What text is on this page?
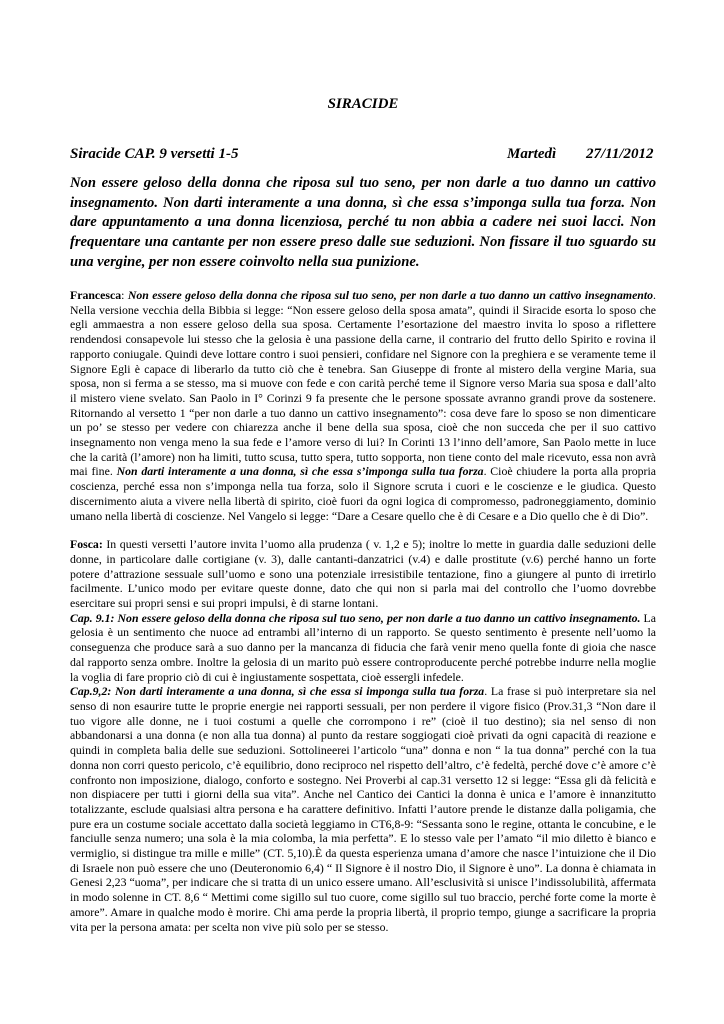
SIRACIDE
Siracide CAP. 9 versetti 1-5	Martedì 27/11/2012

Non essere geloso della donna che riposa sul tuo seno, per non darle a tuo danno un cattivo insegnamento. Non darti interamente a una donna, sì che essa s’imponga sulla tua forza. Non dare appuntamento a una donna licenziosa, perché tu non abbia a cadere nei suoi lacci. Non frequentare una cantante per non essere preso dalle sue seduzioni. Non fissare il tuo sguardo su una vergine, per non essere coinvolto nella sua punizione.

Francesca: Non essere geloso della donna che riposa sul tuo seno, per non darle a tuo danno un cattivo insegnamento. Nella versione vecchia della Bibbia si legge: “Non essere geloso della sposa amata”, quindi il Siracide esorta lo sposo che egli ammaestra a non essere geloso della sua sposa. Certamente l’esortazione del maestro invita lo sposo a riflettere rendendosi consapevole lui stesso che la gelosia è una passione della carne, il contrario del frutto dello Spirito e rovina il rapporto coniugale. Quindi deve lottare contro i suoi pensieri, confidare nel Signore con la preghiera e se veramente teme il Signore Egli è capace di liberarlo da tutto ciò che è tenebra. San Giuseppe di fronte al mistero della vergine Maria, sua sposa, non si ferma a se stesso, ma si muove con fede e con carità perché teme il Signore verso Maria sua sposa e dall’alto il mistero viene svelato. San Paolo in I° Corinzi 9 fa presente che le persone spossate avranno grandi prove da sostenere. Ritornando al versetto 1 “per non darle a tuo danno un cattivo insegnamento”: cosa deve fare lo sposo se non dimenticare un po’ se stesso per vedere con chiarezza anche il bene della sua sposa, cioè che non succeda che per il suo cattivo insegnamento non venga meno la sua fede e l’amore verso di lui? In Corinti 13 l’inno dell’amore, San Paolo mette in luce che la carità (l’amore) non ha limiti, tutto scusa, tutto spera, tutto sopporta, non tiene conto del male ricevuto, essa non avrà mai fine. Non darti interamente a una donna, sì che essa s’imponga sulla tua forza. Cioè chiudere la porta alla propria coscienza, perché essa non s’imponga nella tua forza, solo il Signore scruta i cuori e le coscienze e le giudica. Questo discernimento aiuta a vivere nella libertà di spirito, cioè fuori da ogni logica di compromesso, padroneggiamento, dominio umano nella libertà di coscienze. Nel Vangelo si legge: “Dare a Cesare quello che è di Cesare e a Dio quello che è di Dio”.

Fosca: In questi versetti l’autore invita l’uomo alla prudenza ( v. 1,2 e 5); inoltre lo mette in guardia dalle seduzioni delle donne, in particolare dalle cortigiane (v. 3), dalle cantanti-danzatrici (v.4) e dalle prostitute (v.6) perché hanno un forte potere d’attrazione sessuale sull’uomo e sono una potenziale irresistibile tentazione, fino a giungere al punto di irretirlo facilmente. L’unico modo per evitare queste donne, dato che qui non si parla mai del controllo che l’uomo dovrebbe esercitare sui propri sensi e sui propri impulsi, è di starne lontani.

Cap. 9.1: Non essere geloso della donna che riposa sul tuo seno, per non darle a tuo danno un cattivo insegnamento. La gelosia è un sentimento che nuoce ad entrambi all’interno di un rapporto. Se questo sentimento è presente nell’uomo la conseguenza che produce sarà a suo danno per la mancanza di fiducia che farà venir meno quella fonte di gioia che nasce dal rapporto senza ombre. Inoltre la gelosia di un marito può essere controproducente perché potrebbe indurre nella moglie la voglia di fare proprio ciò di cui è ingiustamente sospettata, cioè essergli infedele.

Cap.9,2: Non darti interamente a una donna, sì che essa si imponga sulla tua forza. La frase si può interpretare sia nel senso di non esaurire tutte le proprie energie nei rapporti sessuali, per non perdere il vigore fisico (Prov.31,3 “Non dare il tuo vigore alle donne, ne i tuoi costumi a quelle che corrompono i re” (cioè il tuo destino); sia nel senso di non abbandonarsi a una donna (e non alla tua donna) al punto da restare soggiogati cioè privati da ogni capacità di reazione e quindi in completa balia delle sue seduzioni. Sottolineerei l’articolo “una” donna e non “ la tua donna” perché con la tua donna non corri questo pericolo, c’è equilibrio, dono reciproco nel rispetto dell’altro, c’è fedeltà, perché dove c’è amore c’è confronto non imposizione, dialogo, conforto e sostegno. Nei Proverbi al cap.31 versetto 12 si legge: “Essa gli dà felicità e non dispiacere per tutti i giorni della sua vita”. Anche nel Cantico dei Cantici la donna è unica e l’amore è innanzitutto totalizzante, esclude qualsiasi altra persona e ha carattere definitivo. Infatti l’autore prende le distanze dalla poligamia, che pure era un costume sociale accettato dalla società leggiamo in CT6,8-9: “Sessanta sono le regine, ottanta le concubine, e le fanciulle senza numero; una sola è la mia colomba, la mia perfetta”. E lo stesso vale per l’amato “il mio diletto è bianco e vermiglio, si distingue tra mille e mille” (CT. 5,10).È da questa esperienza umana d’amore che nasce l’intuizione che il Dio di Israele non può essere che uno (Deuteronomio 6,4) “ Il Signore è il nostro Dio, il Signore è uno”. La donna è chiamata in Genesi 2,23 “uoma”, per indicare che si tratta di un unico essere umano. All’esclusività si unisce l’indissolubilità, affermata in modo solenne in CT. 8,6 “ Mettimi come sigillo sul tuo cuore, come sigillo sul tuo braccio, perché forte come la morte è amore”. Amare in qualche modo è morire. Chi ama perde la propria libertà, il proprio tempo, giunge a sacrificare la propria vita per la persona amata: per scelta non vive più solo per se stesso.
